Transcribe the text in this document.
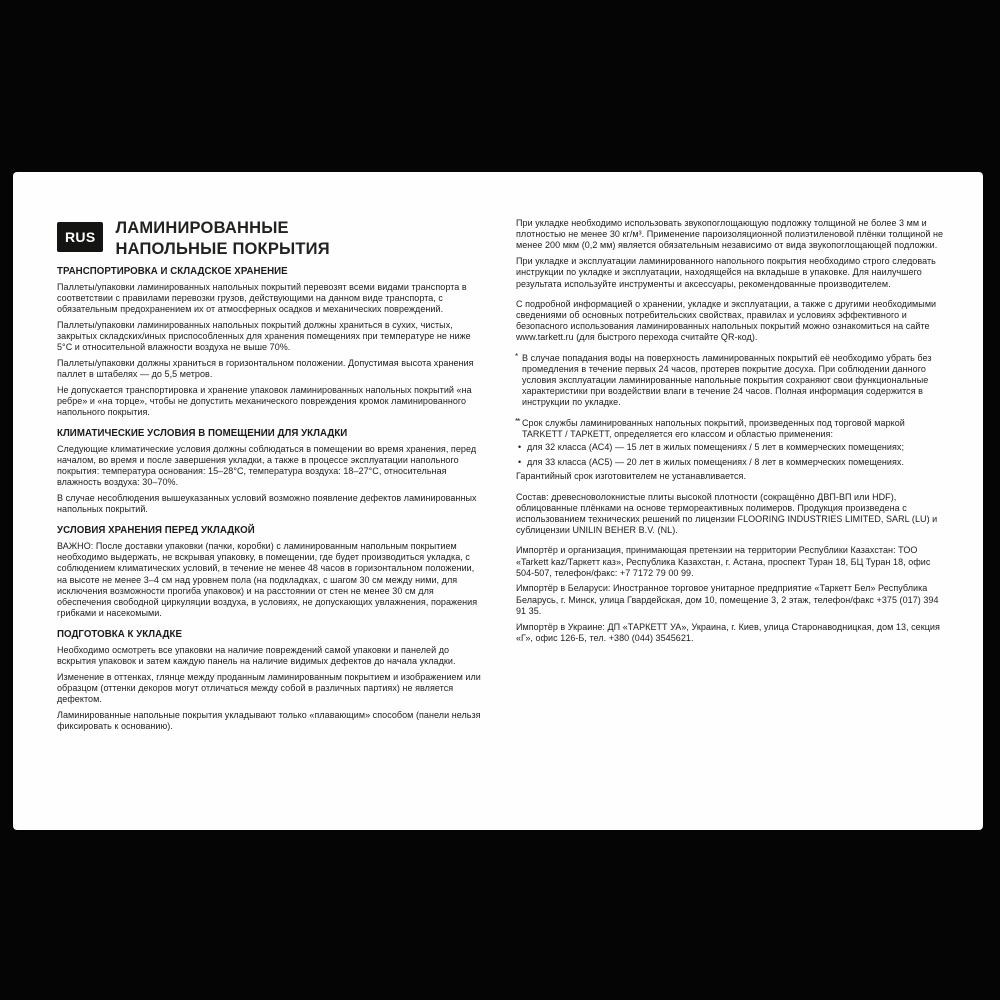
RUS	ЛАМИНИРОВАННЫЕ
НАПОЛЬНЫЕ ПОКРЫТИЯ
ТРАНСПОРТИРОВКА И СКЛАДСКОЕ ХРАНЕНИЕ

Паллеты/упаковки ламинированных напольных покрытий перевозят всеми видами транспорта в соответствии с правилами перевозки грузов, действующими на данном виде транспорта, с обязательным предохранением их от атмосферных осадков и механических повреждений.

Паллеты/упаковки ламинированных напольных покрытий должны храниться в сухих, чистых, закрытых складских/иных приспособленных для хранения помещениях при температуре не ниже 5°С и относительной влажности воздуха не выше 70%.

Паллеты/упаковки должны храниться в горизонтальном положении. Допустимая высота хранения паллет в штабелях — до 5,5 метров.

Не допускается транспортировка и хранение упаковок ламинированных напольных покрытий «на ребре» и «на торце», чтобы не допустить механического повреждения кромок ламинированного напольного покрытия.

КЛИМАТИЧЕСКИЕ УСЛОВИЯ В ПОМЕЩЕНИИ ДЛЯ УКЛАДКИ

Следующие климатические условия должны соблюдаться в помещении во время хранения, перед началом, во время и после завершения укладки, а также в процессе эксплуатации напольного покрытия: температура основания: 15–28°С, температура воздуха: 18–27°С, относительная влажность воздуха: 30–70%.

В случае несоблюдения вышеуказанных условий возможно появление дефектов ламинированных напольных покрытий.

УСЛОВИЯ ХРАНЕНИЯ ПЕРЕД УКЛАДКОЙ

ВАЖНО: После доставки упаковки (пачки, коробки) с ламинированным напольным покрытием необходимо выдержать, не вскрывая упаковку, в помещении, где будет производиться укладка, с соблюдением климатических условий, в течение не менее 48 часов в горизонтальном положении, на высоте не менее 3–4 см над уровнем пола (на подкладках, с шагом 30 см между ними, для исключения возможности прогиба упаковок) и на расстоянии от стен не менее 30 см для обеспечения свободной циркуляции воздуха, в условиях, не допускающих увлажнения, поражения грибками и насекомыми.

ПОДГОТОВКА К УКЛАДКЕ

Необходимо осмотреть все упаковки на наличие повреждений самой упаковки и панелей до вскрытия упаковок и затем каждую панель на наличие видимых дефектов до начала укладки.

Изменение в оттенках, глянце между проданным ламинированным покрытием и изображением или образцом (оттенки декоров могут отличаться между собой в различных партиях) не является дефектом.

Ламинированные напольные покрытия укладывают только «плавающим» способом (панели нельзя фиксировать к основанию).

При укладке необходимо использовать звукопоглощающую подложку толщиной не более 3 мм и плотностью не менее 30 кг/м³. Применение пароизоляционной полиэтиленовой плёнки толщиной не менее 200 мкм (0,2 мм) является обязательным независимо от вида звукопоглощающей подложки.

При укладке и эксплуатации ламинированного напольного покрытия необходимо строго следовать инструкции по укладке и эксплуатации, находящейся на вкладыше в упаковке. Для наилучшего результата используйте инструменты и аксессуары, рекомендованные производителем.

С подробной информацией о хранении, укладке и эксплуатации, а также с другими необходимыми сведениями об основных потребительских свойствах, правилах и условиях эффективного и безопасного использования ламинированных напольных покрытий можно ознакомиться на сайте www.tarkett.ru (для быстрого перехода считайте QR-код).

* В случае попадания воды на поверхность ламинированных покрытий её необходимо убрать без промедления в течение первых 24 часов, протерев покрытие досуха. При соблюдении данного условия эксплуатации ламинированные напольные покрытия сохраняют свои функциональные характеристики при воздействии влаги в течение 24 часов. Полная информация содержится в инструкции по укладке.

** Срок службы ламинированных напольных покрытий, произведенных под торговой маркой TARKETT / ТАРКЕТТ, определяется его классом и областью применения:

• для 32 класса (АС4) — 15 лет в жилых помещениях / 5 лет в коммерческих помещениях;

• для 33 класса (АС5) — 20 лет в жилых помещениях / 8 лет в коммерческих помещениях.

Гарантийный срок изготовителем не устанавливается.

Состав: древесноволокнистые плиты высокой плотности (сокращённо ДВП-ВП или HDF), облицованные плёнками на основе термореактивных полимеров. Продукция произведена с использованием технических решений по лицензии FLOORING INDUSTRIES LIMITED, SARL (LU) и сублицензии UNILIN BEHER B.V. (NL).

Импортёр и организация, принимающая претензии на территории Республики Казахстан: ТОО «Tarkett kaz/Таркетт каз», Республика Казахстан, г. Астана, проспект Туран 18, БЦ Туран 18, офис 504-507, телефон/факс: +7 7172 79 00 99.

Импортёр в Беларуси: Иностранное торговое унитарное предприятие «Таркетт Бел» Республика Беларусь, г. Минск, улица Гвардейская, дом 10, помещение 3, 2 этаж, телефон/факс +375 (017) 394 91 35.

Импортёр в Украине: ДП «ТАРКЕТТ УА», Украина, г. Киев, улица Старонаводницкая, дом 13, секция «Г», офис 126-Б, тел. +380 (044) 3545621.
